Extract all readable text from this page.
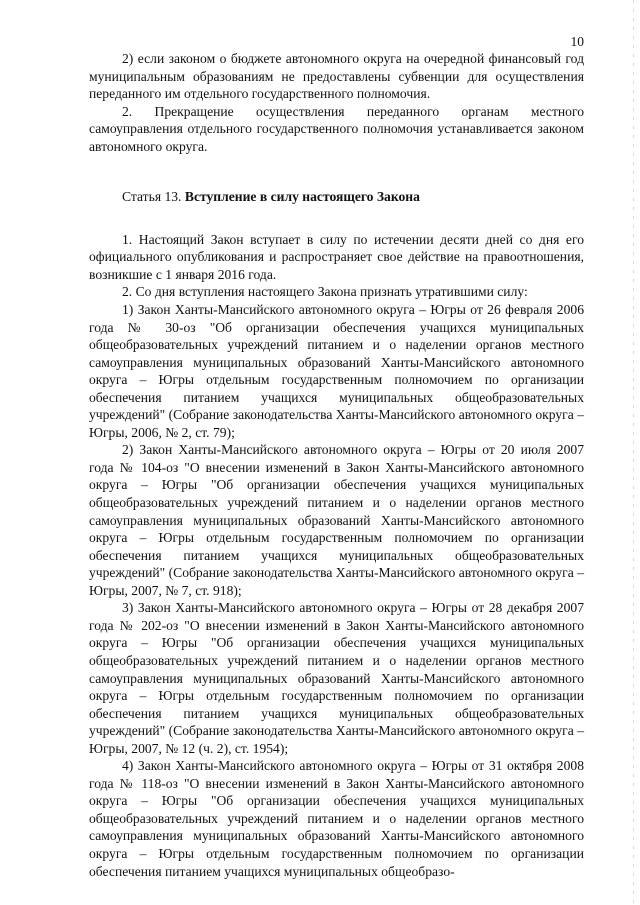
10

2) если законом о бюджете автономного округа на очередной финансовый год муниципальным образованиям не предоставлены субвенции для осуществления переданного им отдельного государственного полномочия.

2. Прекращение осуществления переданного органам местного самоуправления отдельного государственного полномочия устанавливается законом автономного округа.

Статья 13. Вступление в силу настоящего Закона

1. Настоящий Закон вступает в силу по истечении десяти дней со дня его официального опубликования и распространяет свое действие на правоотношения, возникшие с 1 января 2016 года.

2. Со дня вступления настоящего Закона признать утратившими силу:

1) Закон Ханты-Мансийского автономного округа – Югры от 26 февраля 2006 года № 30-оз "Об организации обеспечения учащихся муниципальных общеобразовательных учреждений питанием и о наделении органов местного самоуправления муниципальных образований Ханты-Мансийского автономного округа – Югры отдельным государственным полномочием по организации обеспечения питанием учащихся муниципальных общеобразовательных учреждений" (Собрание законодательства Ханты-Мансийского автономного округа – Югры, 2006, № 2, ст. 79);

2) Закон Ханты-Мансийского автономного округа – Югры от 20 июля 2007 года № 104-оз "О внесении изменений в Закон Ханты-Мансийского автономного округа – Югры "Об организации обеспечения учащихся муниципальных общеобразовательных учреждений питанием и о наделении органов местного самоуправления муниципальных образований Ханты-Мансийского автономного округа – Югры отдельным государственным полномочием по организации обеспечения питанием учащихся муниципальных общеобразовательных учреждений" (Собрание законодательства Ханты-Мансийского автономного округа – Югры, 2007, № 7, ст. 918);

3) Закон Ханты-Мансийского автономного округа – Югры от 28 декабря 2007 года № 202-оз "О внесении изменений в Закон Ханты-Мансийского автономного округа – Югры "Об организации обеспечения учащихся муниципальных общеобразовательных учреждений питанием и о наделении органов местного самоуправления муниципальных образований Ханты-Мансийского автономного округа – Югры отдельным государственным полномочием по организации обеспечения питанием учащихся муниципальных общеобразовательных учреждений" (Собрание законодательства Ханты-Мансийского автономного округа – Югры, 2007, № 12 (ч. 2), ст. 1954);

4) Закон Ханты-Мансийского автономного округа – Югры от 31 октября 2008 года № 118-оз "О внесении изменений в Закон Ханты-Мансийского автономного округа – Югры "Об организации обеспечения учащихся муниципальных общеобразовательных учреждений питанием и о наделении органов местного самоуправления муниципальных образований Ханты-Мансийского автономного округа – Югры отдельным государственным полномочием по организации обеспечения питанием учащихся муниципальных общеобразо-
